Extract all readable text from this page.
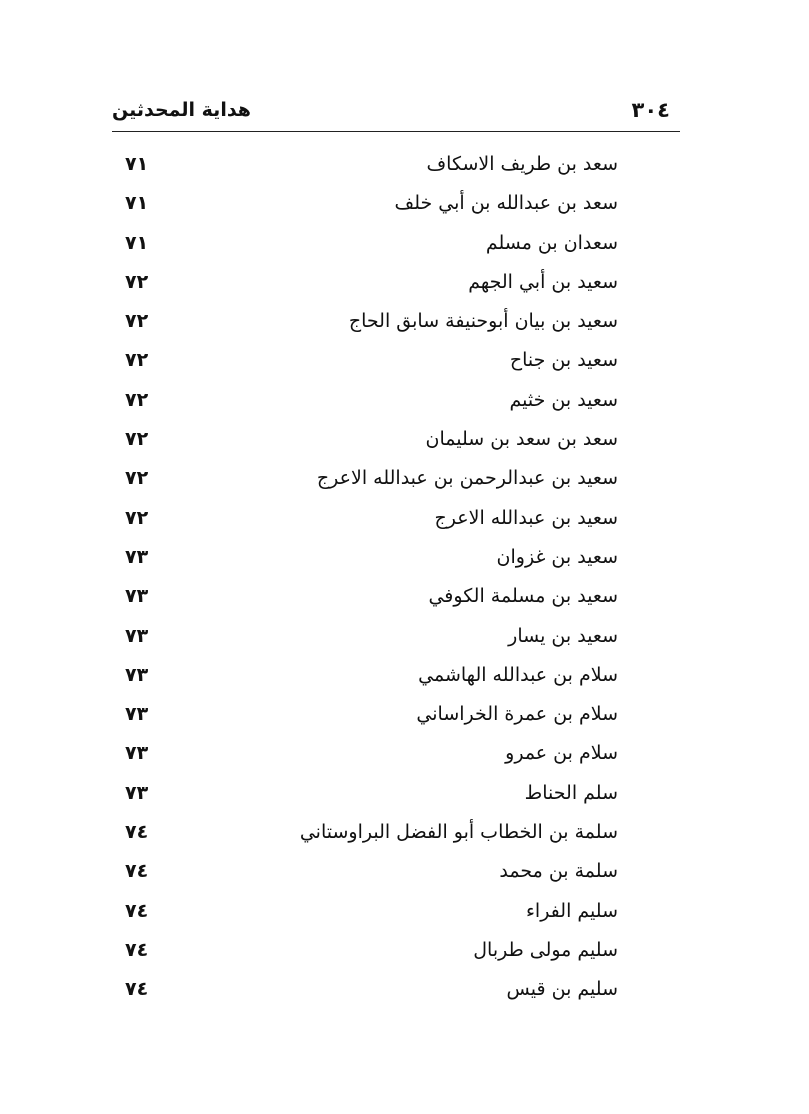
هداية المحدثين	٣٠٤
سعد بن طريف الاسكاف
٧١
سعد بن عبدالله بن أبي خلف
٧١
سعدان بن مسلم
٧١
سعيد بن أبي الجهم
٧٢
سعيد بن بيان أبوحنيفة سابق الحاج
٧٢
سعيد بن جناح
٧٢
سعيد بن خثيم
٧٢
سعد بن سعد بن سليمان
٧٢
سعيد بن عبدالرحمن بن عبدالله الاعرج
٧٢
سعيد بن عبدالله الاعرج
٧٢
سعيد بن غزوان
٧٣
سعيد بن مسلمة الكوفي
٧٣
سعيد بن يسار
٧٣
سلام بن عبدالله الهاشمي
٧٣
سلام بن عمرة الخراساني
٧٣
سلام بن عمرو
٧٣
سلم الحناط
٧٣
سلمة بن الخطاب أبو الفضل البراوستاني
٧٤
سلمة بن محمد
٧٤
سليم الفراء
٧٤
سليم مولى طربال
٧٤
سليم بن قيس
٧٤
